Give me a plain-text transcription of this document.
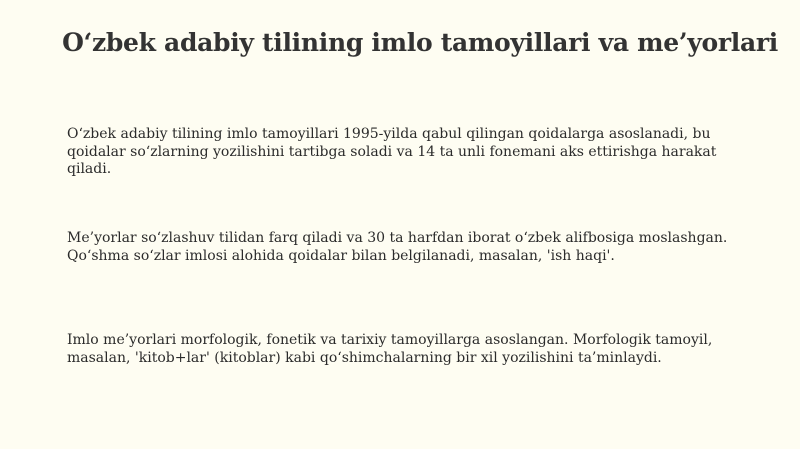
O‘zbek adabiy tilining imlo tamoyillari va me’yorlari

O‘zbek adabiy tilining imlo tamoyillari 1995-yilda qabul qilingan qoidalarga asoslanadi, bu qoidalar so‘zlarning yozilishini tartibga soladi va 14 ta unli fonemani aks ettirishga harakat qiladi.

Me’yorlar so‘zlashuv tilidan farq qiladi va 30 ta harfdan iborat o‘zbek alifbosiga moslashgan. Qo‘shma so‘zlar imlosi alohida qoidalar bilan belgilanadi, masalan, 'ish haqi'.

Imlo me’yorlari morfologik, fonetik va tarixiy tamoyillarga asoslangan. Morfologik tamoyil, masalan, 'kitob+lar' (kitoblar) kabi qo‘shimchalarning bir xil yozilishini ta’minlaydi.
